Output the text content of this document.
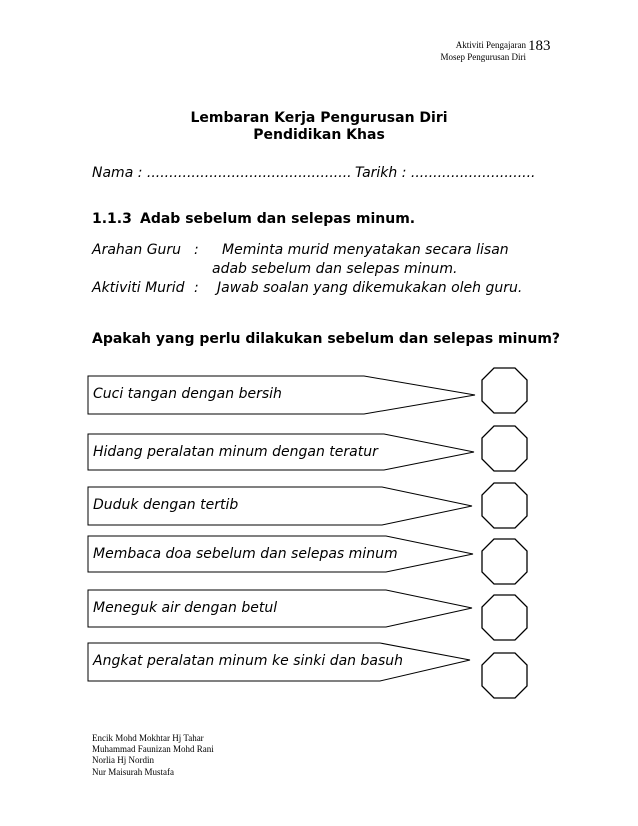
Aktiviti Pengajaran
Mosep Pengurusan Diri
183
Lembaran Kerja Pengurusan Diri
Pendidikan Khas
Nama : .............................................. Tarikh : ............................
1.1.3 Adab sebelum dan selepas minum.
Arahan Guru : Meminta murid menyatakan secara lisan
adab sebelum dan selepas minum.
Aktiviti Murid : Jawab soalan yang dikemukakan oleh guru.
Apakah yang perlu dilakukan sebelum dan selepas minum?
Cuci tangan dengan bersih
Hidang peralatan minum dengan teratur
Duduk dengan tertib
Membaca doa sebelum dan selepas minum
Meneguk air dengan betul
Angkat peralatan minum ke sinki dan basuh
Encik Mohd Mokhtar Hj Tahar
Muhammad Faunizan Mohd Rani
Norlia Hj Nordin
Nur Maisurah Mustafa
